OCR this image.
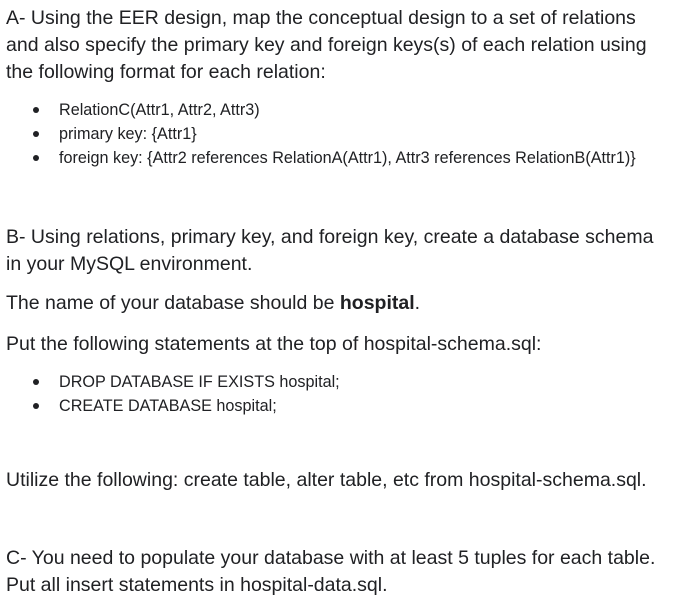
A- Using the EER design, map the conceptual design to a set of relations
and also specify the primary key and foreign keys(s) of each relation using
the following format for each relation:

RelationC(Attr1, Attr2, Attr3)
primary key: {Attr1}
foreign key: {Attr2 references RelationA(Attr1), Attr3 references RelationB(Attr1)}

B- Using relations, primary key, and foreign key, create a database schema
in your MySQL environment.

The name of your database should be hospital.

Put the following statements at the top of hospital-schema.sql:

DROP DATABASE IF EXISTS hospital;
CREATE DATABASE hospital;

Utilize the following: create table, alter table, etc from hospital-schema.sql.

C- You need to populate your database with at least 5 tuples for each table.
Put all insert statements in hospital-data.sql.
